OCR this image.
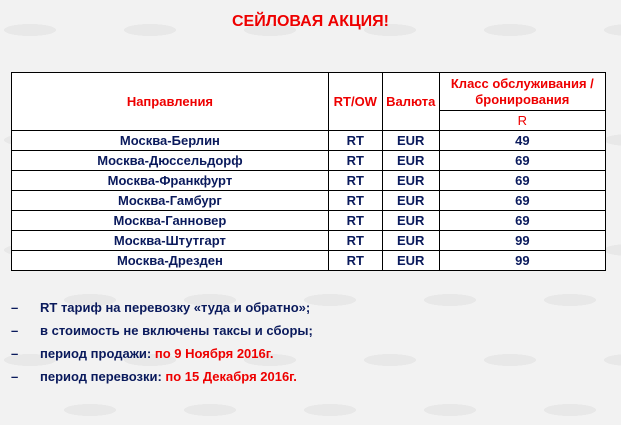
СЕЙЛОВАЯ АКЦИЯ!
Направления	RT/OW	Валюта	Класс обслуживания / бронирования
			R
Москва-Берлин	RT	EUR	49
Москва-Дюссельдорф	RT	EUR	69
Москва-Франкфурт	RT	EUR	69
Москва-Гамбург	RT	EUR	69
Москва-Ганновер	RT	EUR	69
Москва-Штутгарт	RT	EUR	99
Москва-Дрезден	RT	EUR	99
– RT тариф на перевозку «туда и обратно»;
– в стоимость не включены таксы и сборы;
– период продажи: по 9 Ноября 2016г.
– период перевозки: по 15 Декабря 2016г.
